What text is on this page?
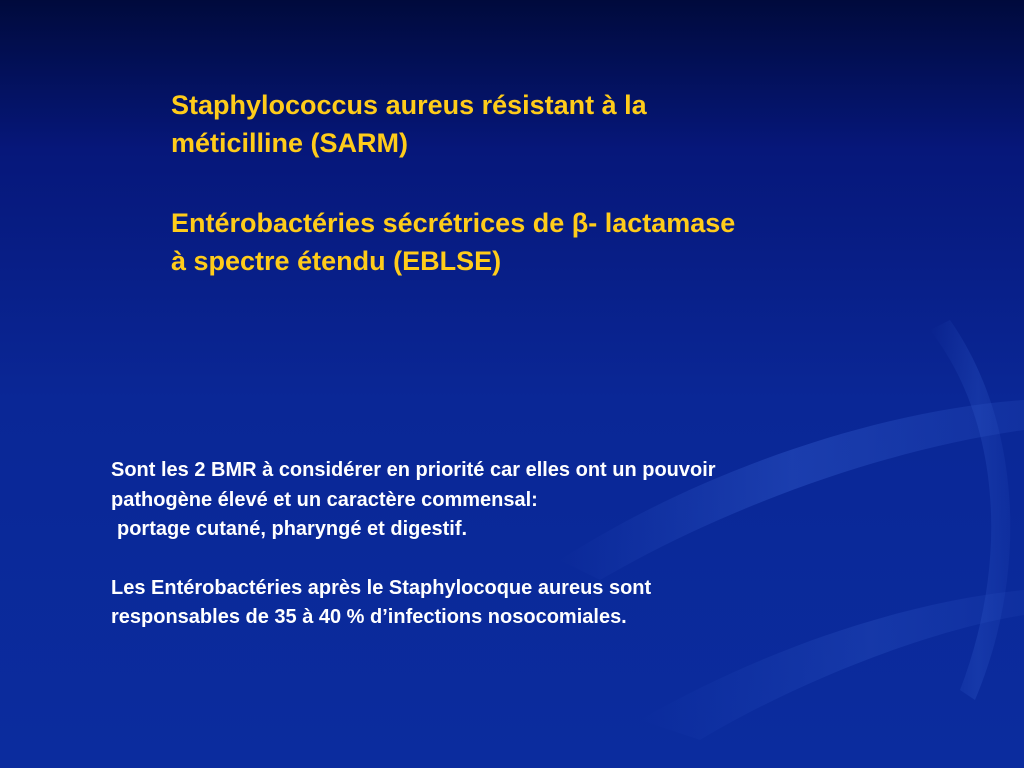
Staphylococcus aureus résistant à la

méticilline (SARM)

Entérobactéries sécrétrices de β- lactamase

à spectre étendu (EBLSE)

Sont les 2 BMR à considérer en priorité car elles ont un pouvoir

pathogène élevé et un caractère commensal:

portage cutané, pharyngé et digestif.

Les Entérobactéries après le Staphylocoque aureus sont

responsables de 35 à 40 % d’infections nosocomiales.
